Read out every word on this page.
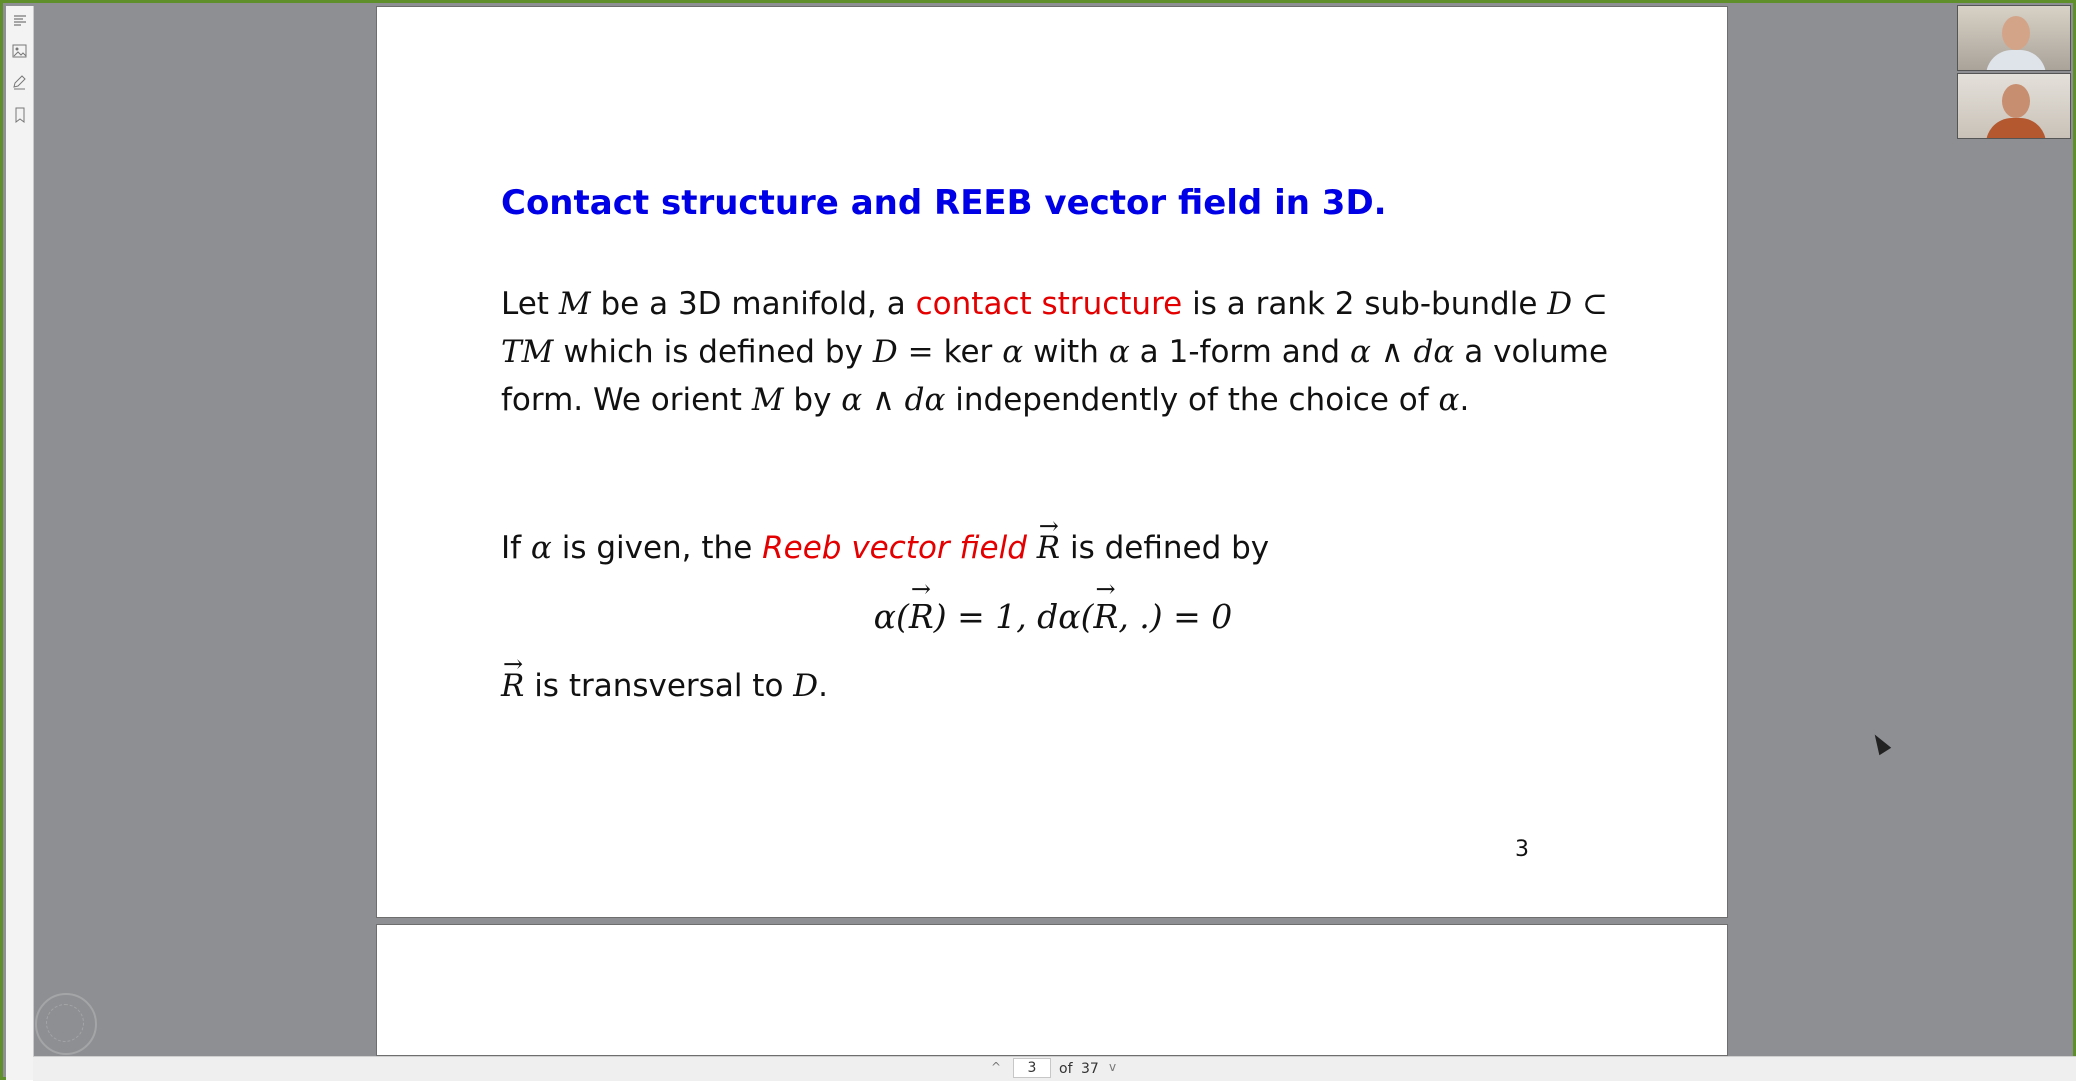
Contact structure and REEB vector field in 3D.
Let M be a 3D manifold, a contact structure is a rank 2 sub-bundle D ⊂ TM which is defined by D = ker α with α a 1-form and α ∧ dα a volume form. We orient M by α ∧ dα independently of the choice of α.
If α is given, the Reeb vector field → R is defined by
α(→ R) = 1, dα(→ R, .) = 0
→ R is transversal to D.
3
^	3	of 37 v
